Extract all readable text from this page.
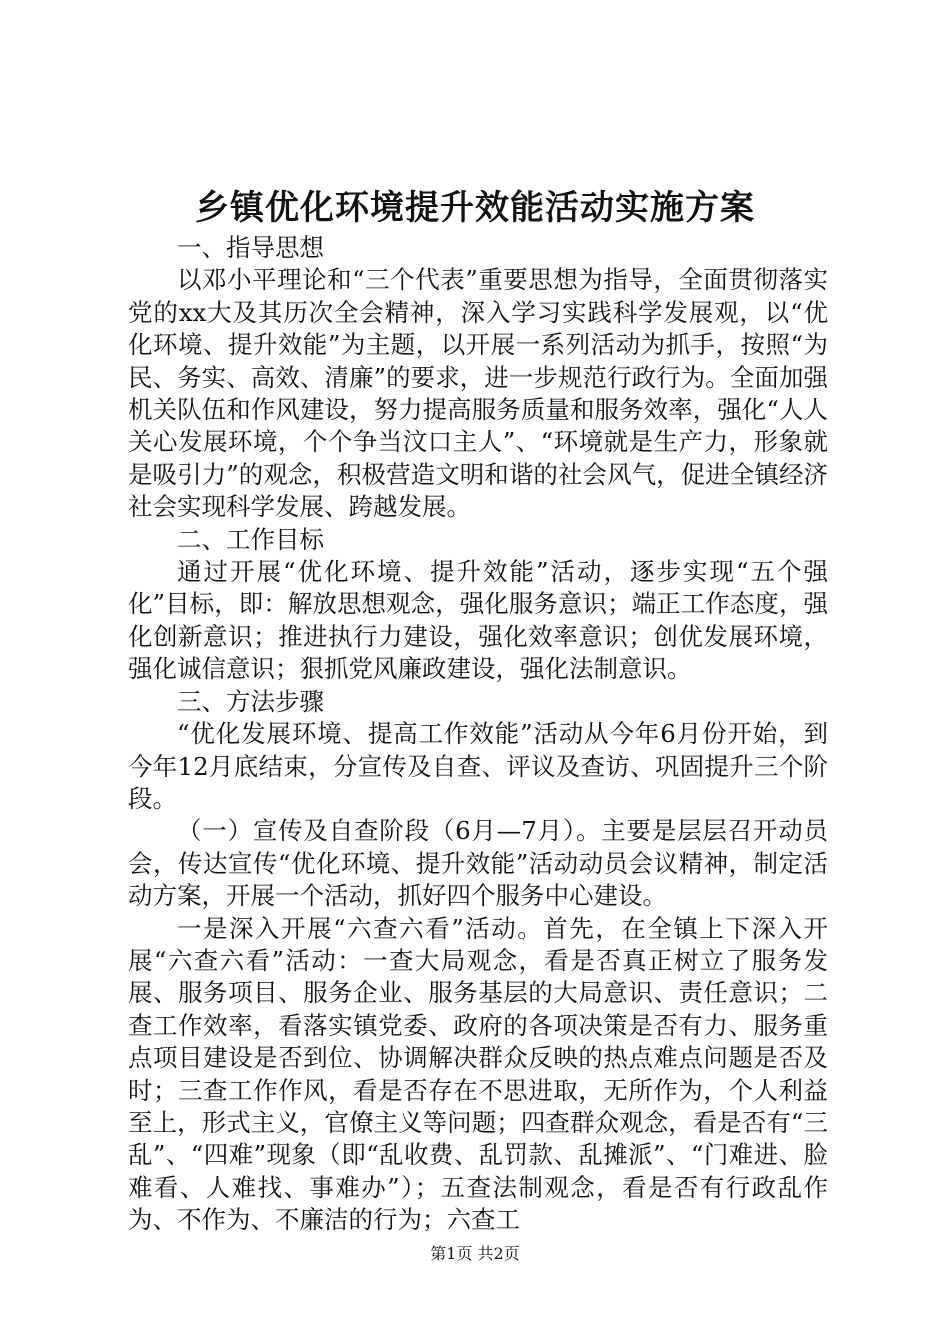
乡镇优化环境提升效能活动实施方案

一、指导思想

以邓小平理论和“三个代表”重要思想为指导，全面贯彻落实党的xx大及其历次全会精神，深入学习实践科学发展观，以“优化环境、提升效能”为主题，以开展一系列活动为抓手，按照“为民、务实、高效、清廉”的要求，进一步规范行政行为。全面加强机关队伍和作风建设，努力提高服务质量和服务效率，强化“人人关心发展环境，个个争当汶口主人”、“环境就是生产力，形象就是吸引力”的观念，积极营造文明和谐的社会风气，促进全镇经济社会实现科学发展、跨越发展。

二、工作目标

通过开展“优化环境、提升效能”活动，逐步实现“五个强化”目标，即：解放思想观念，强化服务意识；端正工作态度，强化创新意识；推进执行力建设，强化效率意识；创优发展环境，强化诚信意识；狠抓党风廉政建设，强化法制意识。

三、方法步骤

“优化发展环境、提高工作效能”活动从今年6月份开始，到今年12月底结束，分宣传及自查、评议及查访、巩固提升三个阶段。

（一）宣传及自查阶段（6月—7月）。主要是层层召开动员会，传达宣传“优化环境、提升效能”活动动员会议精神，制定活动方案，开展一个活动，抓好四个服务中心建设。

一是深入开展“六查六看”活动。首先，在全镇上下深入开展“六查六看”活动：一查大局观念，看是否真正树立了服务发展、服务项目、服务企业、服务基层的大局意识、责任意识；二查工作效率，看落实镇党委、政府的各项决策是否有力、服务重点项目建设是否到位、协调解决群众反映的热点难点问题是否及时；三查工作作风，看是否存在不思进取，无所作为，个人利益至上，形式主义，官僚主义等问题；四查群众观念，看是否有“三乱”、“四难”现象（即“乱收费、乱罚款、乱摊派”、“门难进、脸难看、人难找、事难办”）；五查法制观念，看是否有行政乱作为、不作为、不廉洁的行为；六查工

第1页 共2页
